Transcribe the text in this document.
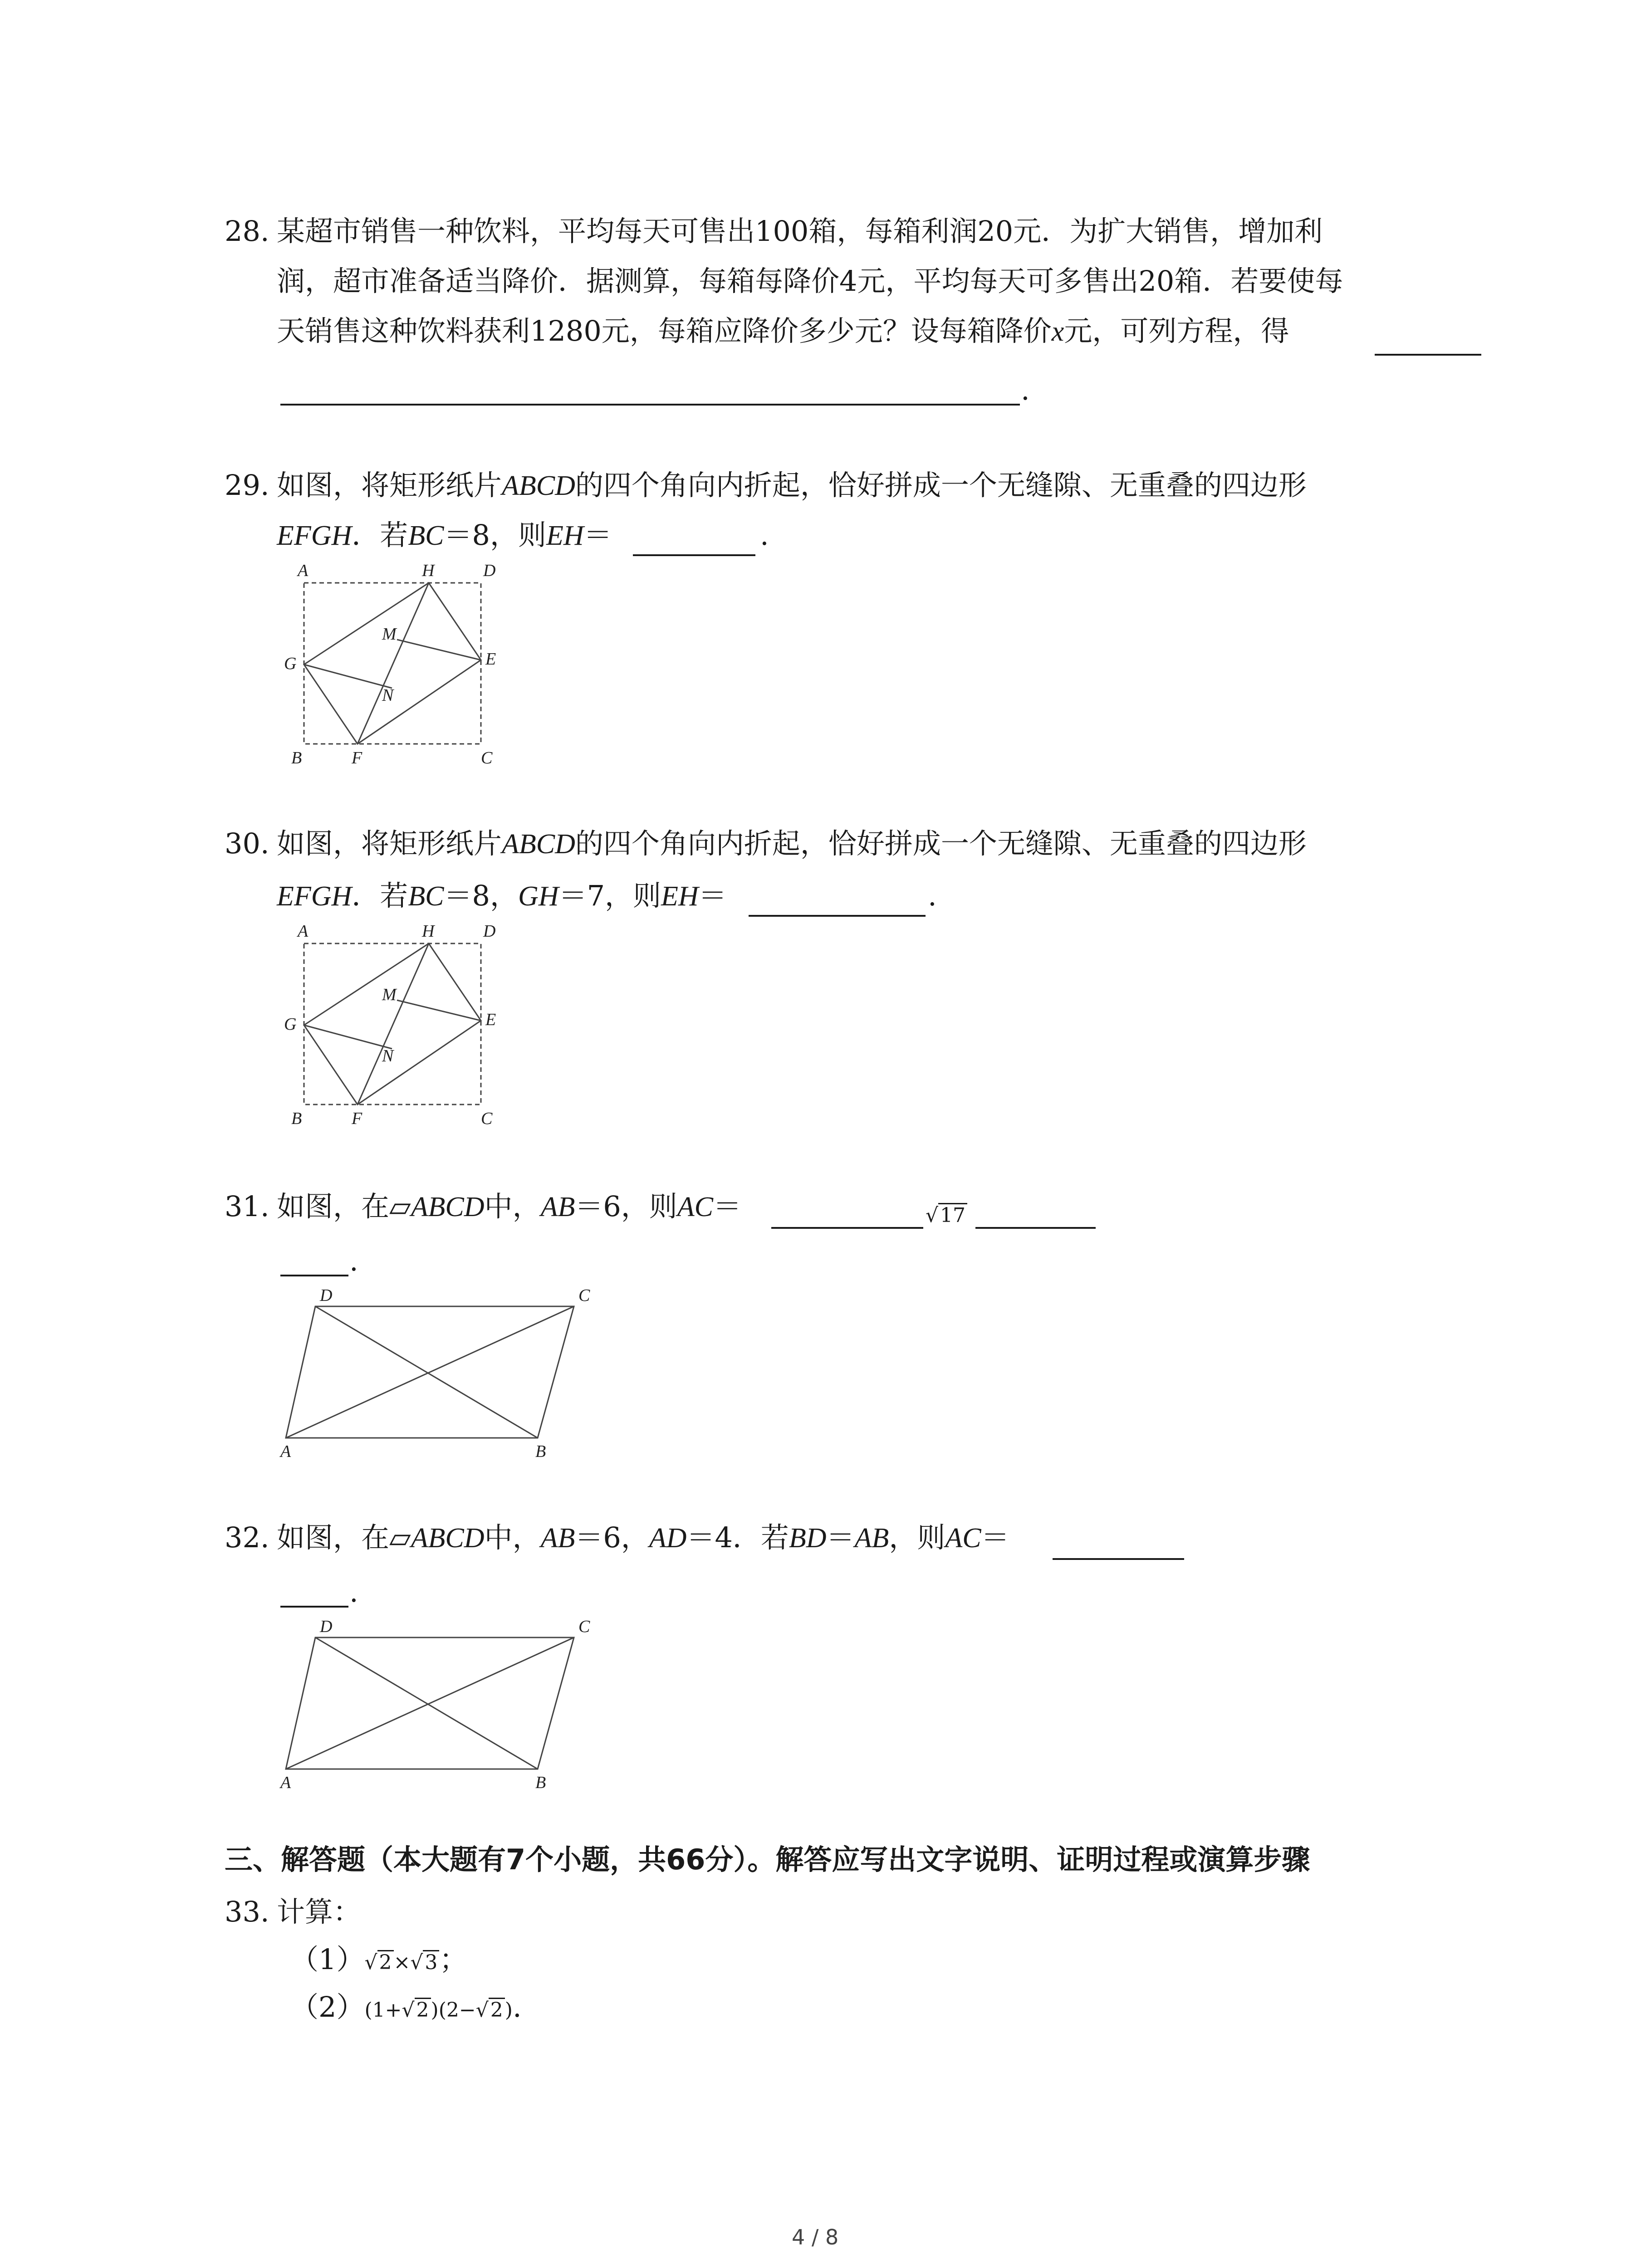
28. 某超市销售一种饮料，平均每天可售出100箱，每箱利润20元．为扩大销售，增加利
润，超市准备适当降价．据测算，每箱每降价4元，平均每天可多售出20箱．若要使每
天销售这种饮料获利1280元，每箱应降价多少元？设每箱降价x元，可列方程，得
.
29. 如图，将矩形纸片ABCD的四个角向内折起，恰好拼成一个无缝隙、无重叠的四边形
EFGH．若BC＝8，则EH＝	.
A	H	D
M
G	E
N
B	F	C
30. 如图，将矩形纸片ABCD的四个角向内折起，恰好拼成一个无缝隙、无重叠的四边形
EFGH．若BC＝8，GH＝7，则EH＝	.
A	H	D
M
G	E
N
B	F	C
31. 如图，在▱ABCD中，AB＝6，则AC＝	√17
.
D	C
A	B
32. 如图，在▱ABCD中，AB＝6，AD＝4．若BD＝AB，则AC＝
.
D	C
A	B
三、解答题（本大题有7个小题，共66分）。解答应写出文字说明、证明过程或演算步骤
33. 计算：
（1）√2×√3；
（2）(1+√2)(2−√2).
4 / 8
